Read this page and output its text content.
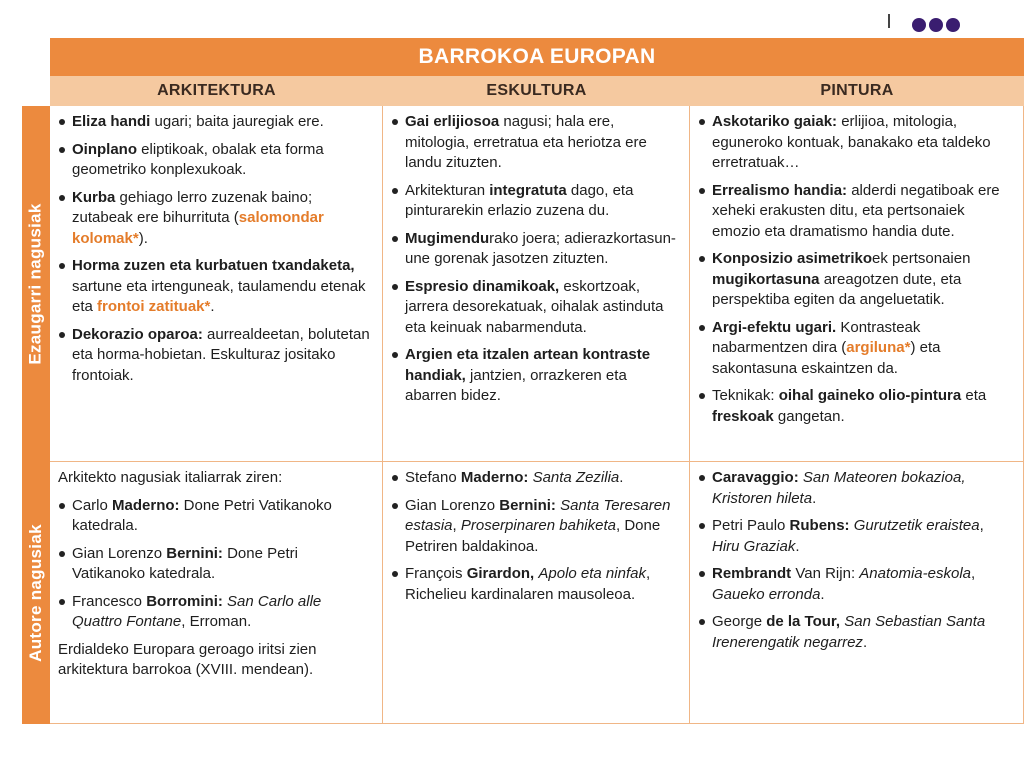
BARROKOA EUROPAN
ARKITEKTURA	ESKULTURA	PINTURA
Ezaugarri nagusiak
Autore nagusiak
Eliza handi ugari; baita jauregiak ere.
Oinplano eliptikoak, obalak eta forma geometriko konplexukoak.
Kurba gehiago lerro zuzenak baino; zutabeak ere bihurrituta (salomondar kolomak*).
Horma zuzen eta kurbatuen txandaketa, sartune eta irtenguneak, taulamendu etenak eta frontoi zatituak*.
Dekorazio oparoa: aurrealdeetan, bolutetan eta horma-hobietan. Eskulturaz jositako frontoiak.
Gai erlijiosoa nagusi; hala ere, mitologia, erretratua eta heriotza ere landu zituzten.
Arkitekturan integratuta dago, eta pinturarekin erlazio zuzena du.
Mugimendurako joera; adierazkortasun-une gorenak jasotzen zituzten.
Espresio dinamikoak, eskortzoak, jarrera desorekatuak, oihalak astinduta eta keinuak nabarmenduta.
Argien eta itzalen artean kontraste handiak, jantzien, orrazkeren eta abarren bidez.
Askotariko gaiak: erlijioa, mitologia, eguneroko kontuak, banakako eta taldeko erretratuak…
Errealismo handia: alderdi negatiboak ere xeheki erakusten ditu, eta pertsonaiek emozio eta dramatismo handia dute.
Konposizio asimetrikoek pertsonaien mugikortasuna areagotzen dute, eta perspektiba egiten da angeluetatik.
Argi-efektu ugari. Kontrasteak nabarmentzen dira (argiluna*) eta sakontasuna eskaintzen da.
Teknikak: oihal gaineko olio-pintura eta freskoak gangetan.

Arkitekto nagusiak italiarrak ziren:

Carlo Maderno: Done Petri Vatikanoko katedrala.
Gian Lorenzo Bernini: Done Petri Vatikanoko katedrala.
Francesco Borromini: San Carlo alle Quattro Fontane, Erroman.

Erdialdeko Europara geroago iritsi zien arkitektura barrokoa (XVIII. mendean).

Stefano Maderno: Santa Zezilia.
Gian Lorenzo Bernini: Santa Teresaren estasia, Proserpinaren bahiketa, Done Petriren baldakinoa.
François Girardon, Apolo eta ninfak, Richelieu kardinalaren mausoleoa.
Caravaggio: San Mateoren bokazioa, Kristoren hileta.
Petri Paulo Rubens: Gurutzetik eraistea, Hiru Graziak.
Rembrandt Van Rijn: Anatomia-eskola, Gaueko erronda.
George de la Tour, San Sebastian Santa Irenerengatik negarrez.
